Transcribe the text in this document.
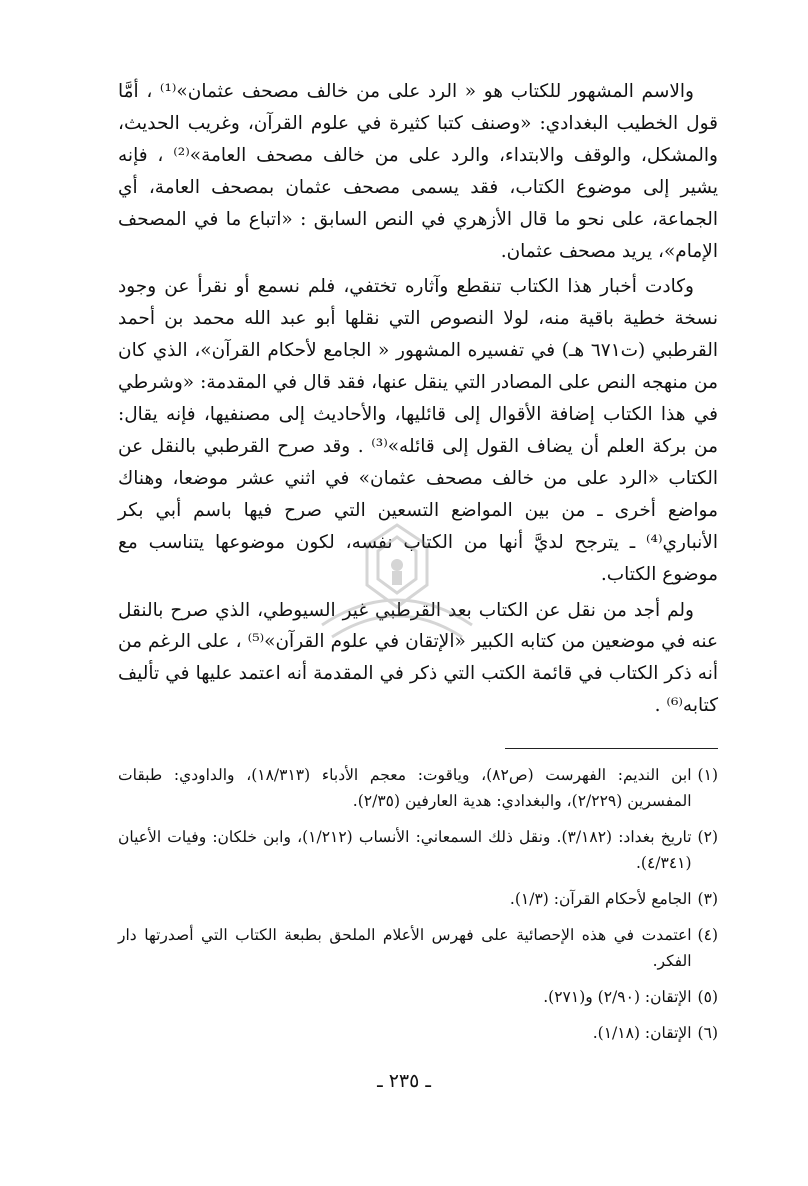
والاسم المشهور للكتاب هو « الرد على من خالف مصحف عثمان»⁽¹⁾ ، أمَّا قول الخطيب البغدادي: «وصنف كتبا كثيرة في علوم القرآن، وغريب الحديث، والمشكل، والوقف والابتداء، والرد على من خالف مصحف العامة»⁽²⁾ ، فإنه يشير إلى موضوع الكتاب، فقد يسمى مصحف عثمان بمصحف العامة، أي الجماعة، على نحو ما قال الأزهري في النص السابق : «اتباع ما في المصحف الإمام»، يريد مصحف عثمان.

وكادت أخبار هذا الكتاب تنقطع وآثاره تختفي، فلم نسمع أو نقرأ عن وجود نسخة خطية باقية منه، لولا النصوص التي نقلها أبو عبد الله محمد بن أحمد القرطبي (ت٦٧١ هـ) في تفسيره المشهور « الجامع لأحكام القرآن»، الذي كان من منهجه النص على المصادر التي ينقل عنها، فقد قال في المقدمة: «وشرطي في هذا الكتاب إضافة الأقوال إلى قائليها، والأحاديث إلى مصنفيها، فإنه يقال: من بركة العلم أن يضاف القول إلى قائله»⁽³⁾ . وقد صرح القرطبي بالنقل عن الكتاب «الرد على من خالف مصحف عثمان» في اثني عشر موضعا، وهناك مواضع أخرى ـ من بين المواضع التسعين التي صرح فيها باسم أبي بكر الأنباري⁽⁴⁾ ـ يترجح لديَّ أنها من الكتاب نفسه، لكون موضوعها يتناسب مع موضوع الكتاب.

ولم أجد من نقل عن الكتاب بعد القرطبي غير السيوطي، الذي صرح بالنقل عنه في موضعين من كتابه الكبير «الإتقان في علوم القرآن»⁽⁵⁾ ، على الرغم من أنه ذكر الكتاب في قائمة الكتب التي ذكر في المقدمة أنه اعتمد عليها في تأليف كتابه⁽⁶⁾ .

(١)
ابن النديم: الفهرست (ص٨٢)، وياقوت: معجم الأدباء (١٨/٣١٣)، والداودي: طبقات المفسرين (٢/٢٢٩)، والبغدادي: هدية العارفين (٢/٣٥).
(٢)
تاريخ بغداد: (٣/١٨٢). ونقل ذلك السمعاني: الأنساب (١/٢١٢)، وابن خلكان: وفيات الأعيان (٤/٣٤١).
(٣)
الجامع لأحكام القرآن: (١/٣).
(٤)
اعتمدت في هذه الإحصائية على فهرس الأعلام الملحق بطبعة الكتاب التي أصدرتها دار الفكر.
(٥)
الإتقان: (٢/٩٠) و(٢٧١).
(٦)
الإتقان: (١/١٨).
ـ ٢٣٥ ـ
